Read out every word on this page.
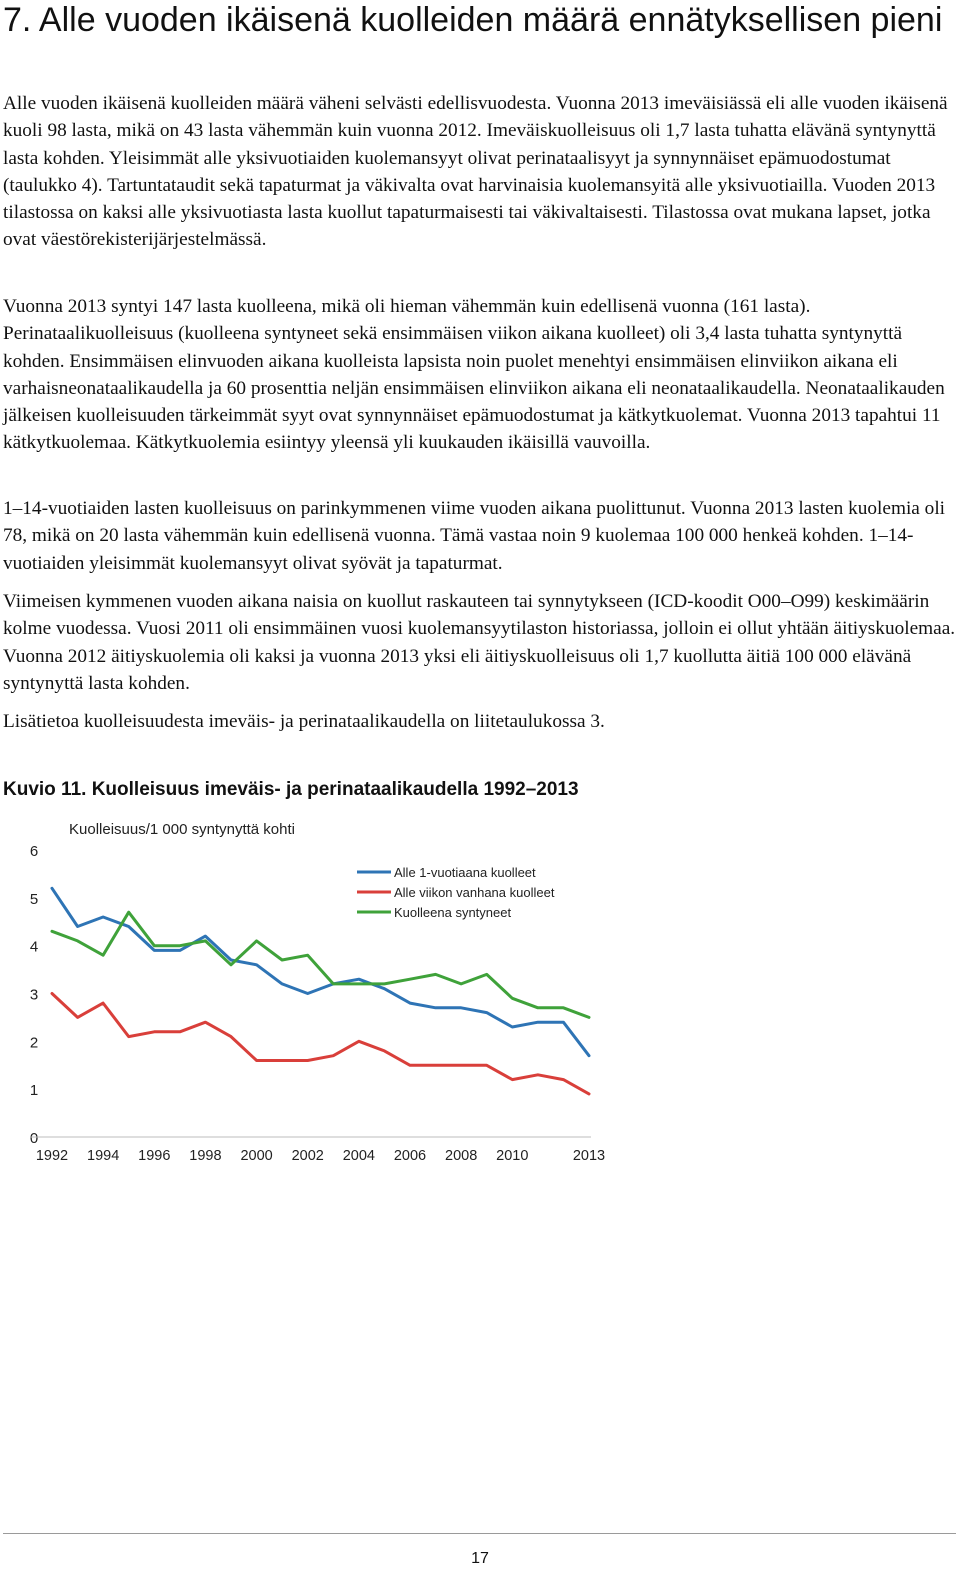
7. Alle vuoden ikäisenä kuolleiden määrä ennätyksellisen pieni

Alle vuoden ikäisenä kuolleiden määrä väheni selvästi edellisvuodesta. Vuonna 2013 imeväisiässä eli alle vuoden ikäisenä kuoli 98 lasta, mikä on 43 lasta vähemmän kuin vuonna 2012. Imeväiskuolleisuus oli 1,7 lasta tuhatta elävänä syntynyttä lasta kohden. Yleisimmät alle yksivuotiaiden kuolemansyyt olivat perinataalisyyt ja synnynnäiset epämuodostumat (taulukko 4). Tartuntataudit sekä tapaturmat ja väkivalta ovat harvinaisia kuolemansyitä alle yksivuotiailla. Vuoden 2013 tilastossa on kaksi alle yksivuotiasta lasta kuollut tapaturmaisesti tai väkivaltaisesti. Tilastossa ovat mukana lapset, jotka ovat väestörekisterijärjestelmässä.

Vuonna 2013 syntyi 147 lasta kuolleena, mikä oli hieman vähemmän kuin edellisenä vuonna (161 lasta). Perinataalikuolleisuus (kuolleena syntyneet sekä ensimmäisen viikon aikana kuolleet) oli 3,4 lasta tuhatta syntynyttä kohden. Ensimmäisen elinvuoden aikana kuolleista lapsista noin puolet menehtyi ensimmäisen elinviikon aikana eli varhaisneonataalikaudella ja 60 prosenttia neljän ensimmäisen elinviikon aikana eli neonataalikaudella. Neonataalikauden jälkeisen kuolleisuuden tärkeimmät syyt ovat synnynnäiset epämuodostumat ja kätkytkuolemat. Vuonna 2013 tapahtui 11 kätkytkuolemaa. Kätkytkuolemia esiintyy yleensä yli kuukauden ikäisillä vauvoilla.

1–14-vuotiaiden lasten kuolleisuus on parinkymmenen viime vuoden aikana puolittunut. Vuonna 2013 lasten kuolemia oli 78, mikä on 20 lasta vähemmän kuin edellisenä vuonna. Tämä vastaa noin 9 kuolemaa 100 000 henkeä kohden. 1–14-vuotiaiden yleisimmät kuolemansyyt olivat syövät ja tapaturmat.

Viimeisen kymmenen vuoden aikana naisia on kuollut raskauteen tai synnytykseen (ICD-koodit O00–O99) keskimäärin kolme vuodessa. Vuosi 2011 oli ensimmäinen vuosi kuolemansyytilaston historiassa, jolloin ei ollut yhtään äitiyskuolemaa. Vuonna 2012 äitiyskuolemia oli kaksi ja vuonna 2013 yksi eli äitiyskuolleisuus oli 1,7 kuollutta äitiä 100 000 elävänä syntynyttä lasta kohden.

Lisätietoa kuolleisuudesta imeväis- ja perinataalikaudella on liitetaulukossa 3.

Kuvio 11. Kuolleisuus imeväis- ja perinataalikaudella 1992–2013
Kuolleisuus/1 000 syntynyttä kohti
0
1
2
3
4
5
6
1992 1994 1996 1998 2000 2002 2004 2006 2008 2010	2013
Alle 1-vuotiaana kuolleet
Alle viikon vanhana kuolleet
Kuolleena syntyneet
17
